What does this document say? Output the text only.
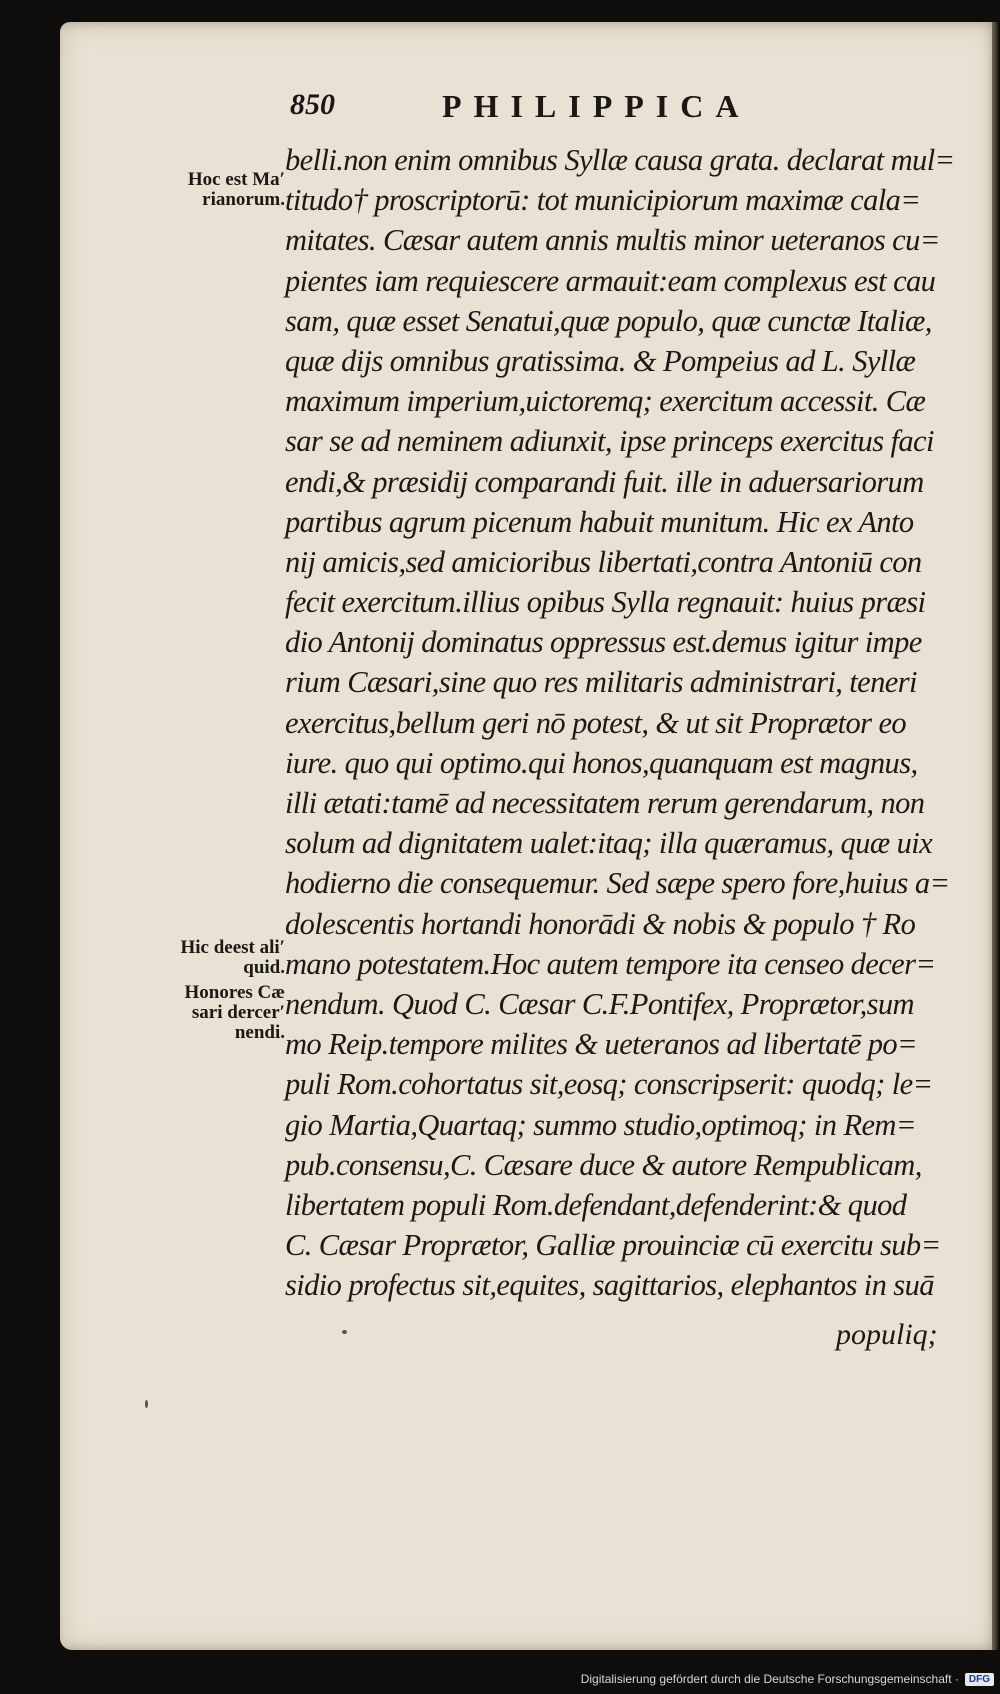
850	PHILIPPICA
Hoc est Ma′
rianorum.
Hic deest ali′
quid.
Honores Cæ
sari dercer′
nendi.
belli.non enim omnibus Syllæ causa grata. declarat mul=
titudo† proscriptorū: tot municipiorum maximæ cala=
mitates. Cæsar autem annis multis minor ueteranos cu=
pientes iam requiescere armauit:eam complexus est cau
sam, quæ esset Senatui,quæ populo, quæ cunctæ Italiæ,
quæ dijs omnibus gratissima. & Pompeius ad L. Syllæ
maximum imperium,uictoremq; exercitum accessit. Cæ
sar se ad neminem adiunxit, ipse princeps exercitus faci
endi,& præsidij comparandi fuit. ille in aduersariorum
partibus agrum picenum habuit munitum. Hic ex Anto
nij amicis,sed amicioribus libertati,contra Antoniū con
fecit exercitum.illius opibus Sylla regnauit: huius præsi
dio Antonij dominatus oppressus est.demus igitur impe
rium Cæsari,sine quo res militaris administrari, teneri
exercitus,bellum geri nō potest, & ut sit Proprætor eo
iure. quo qui optimo.qui honos,quanquam est magnus,
illi ætati:tamē ad necessitatem rerum gerendarum, non
solum ad dignitatem ualet:itaq; illa quæramus, quæ uix
hodierno die consequemur. Sed sæpe spero fore,huius a=
dolescentis hortandi honorādi & nobis & populo † Ro
mano potestatem.Hoc autem tempore ita censeo decer=
nendum. Quod C. Cæsar C.F.Pontifex, Proprætor,sum
mo Reip.tempore milites & ueteranos ad libertatē po=
puli Rom.cohortatus sit,eosq; conscripserit: quodq; le=
gio Martia,Quartaq; summo studio,optimoq; in Rem=
pub.consensu,C. Cæsare duce & autore Rempublicam,
libertatem populi Rom.defendant,defenderint:& quod
C. Cæsar Proprætor, Galliæ prouinciæ cū exercitu sub=
sidio profectus sit,equites, sagittarios, elephantos in suā
populiq;
Digitalisierung gefördert durch die Deutsche Forschungsgemeinschaft ·	DFG
